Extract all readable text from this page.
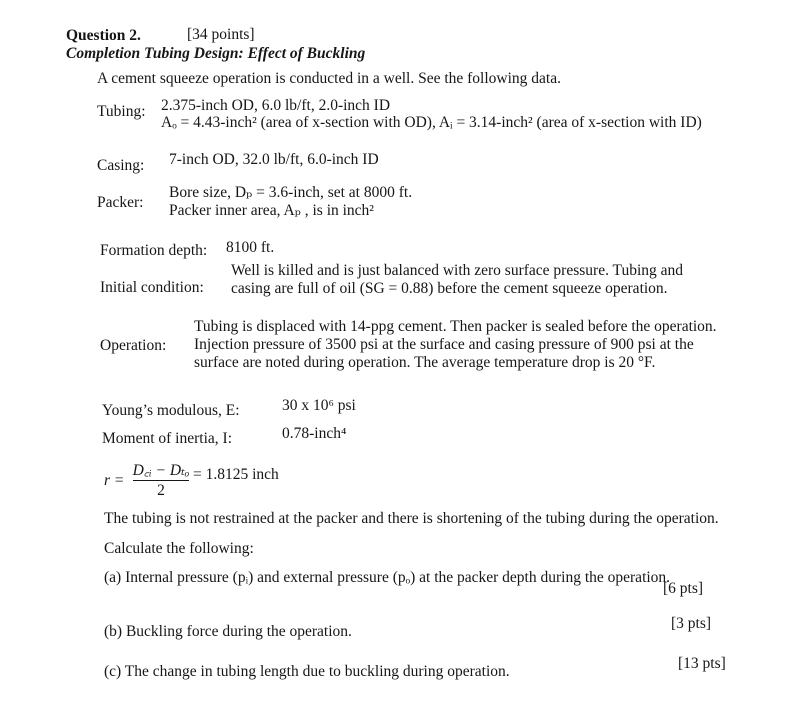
Question 2.	[34 points]
Completion Tubing Design: Effect of Buckling
A cement squeeze operation is conducted in a well. See the following data.
Tubing: 2.375-inch OD, 6.0 lb/ft, 2.0-inch ID
Aₒ = 4.43-inch² (area of x-section with OD), Aᵢ = 3.14-inch² (area of x-section with ID)
Casing: 7-inch OD, 32.0 lb/ft, 6.0-inch ID
Packer:
Bore size, Dₚ = 3.6-inch, set at 8000 ft.
Packer inner area, Aₚ , is in inch²
Formation depth: 8100 ft.
Initial condition:
Well is killed and is just balanced with zero surface pressure. Tubing and
casing are full of oil (SG = 0.88) before the cement squeeze operation.
Operation:
Tubing is displaced with 14-ppg cement. Then packer is sealed before the operation.
Injection pressure of 3500 psi at the surface and casing pressure of 900 psi at the
surface are noted during operation. The average temperature drop is 20 °F.
Young’s modulous, E:	30 x 10⁶ psi
Moment of inertia, I:	0.78-inch⁴
r =
D꜀ᵢ − Dₜₒ
2
= 1.8125 inch
The tubing is not restrained at the packer and there is shortening of the tubing during the operation.
Calculate the following:
(a) Internal pressure (pᵢ) and external pressure (pₒ) at the packer depth during the operation.
[6 pts]
(b) Buckling force during the operation.	[3 pts]
(c) The change in tubing length due to buckling during operation.	[13 pts]
